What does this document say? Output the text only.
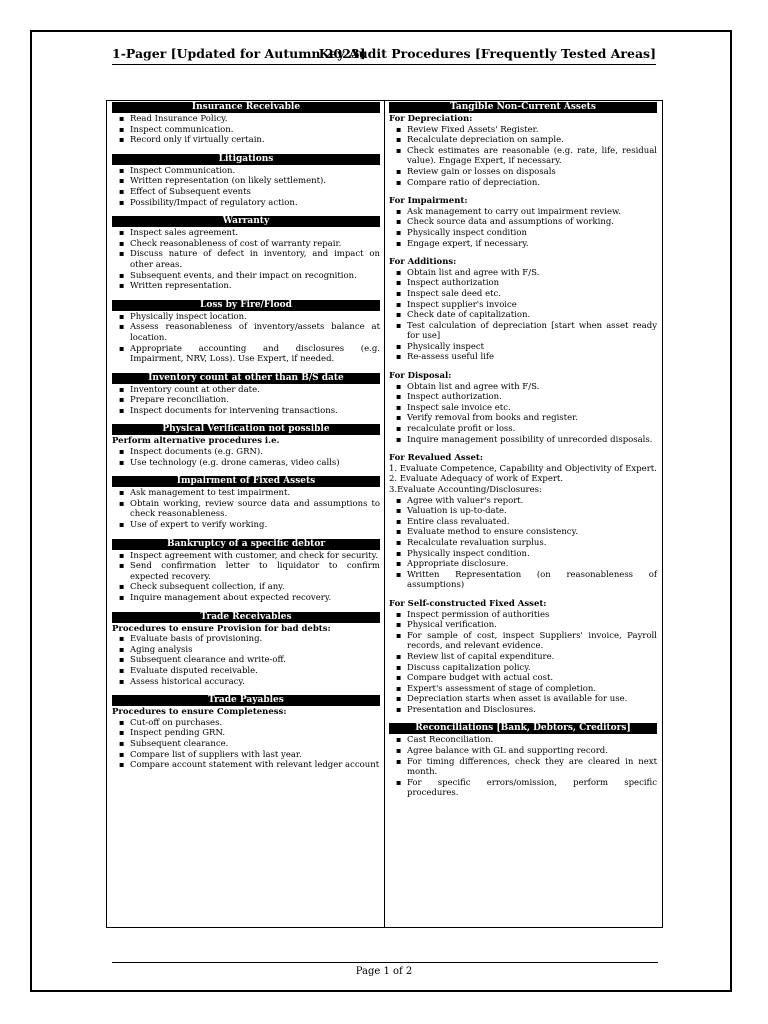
1-Pager [Updated for Autumn 2023]
Key Audit Procedures [Frequently Tested Areas]
Insurance Receivable
▪ Read Insurance Policy.
▪ Inspect communication.
▪ Record only if virtually certain.
Litigations
▪ Inspect Communication.
▪ Written representation (on likely settlement).
▪ Effect of Subsequent events
▪ Possibility/Impact of regulatory action.
Warranty
▪ Inspect sales agreement.
▪ Check reasonableness of cost of warranty repair.
▪ Discuss nature of defect in inventory, and impact on other areas.
▪ Subsequent events, and their impact on recognition.
▪ Written representation.
Loss by Fire/Flood
▪ Physically inspect location.
▪ Assess reasonableness of inventory/assets balance at location.
▪ Appropriate accounting and disclosures (e.g. Impairment, NRV, Loss). Use Expert, if needed.
Inventory count at other than B/S date
▪ Inventory count at other date.
▪ Prepare reconciliation.
▪ Inspect documents for intervening transactions.
Physical Verification not possible
Perform alternative procedures i.e.
▪ Inspect documents (e.g. GRN).
▪ Use technology (e.g. drone cameras, video calls)
Impairment of Fixed Assets
▪ Ask management to test impairment.
▪ Obtain working, review source data and assumptions to check reasonableness.
▪ Use of expert to verify working.
Bankruptcy of a specific debtor
▪ Inspect agreement with customer, and check for security.
▪ Send confirmation letter to liquidator to confirm expected recovery.
▪ Check subsequent collection, if any.
▪ Inquire management about expected recovery.
Trade Receivables
Procedures to ensure Provision for bad debts:
▪ Evaluate basis of provisioning.
▪ Aging analysis
▪ Subsequent clearance and write-off.
▪ Evaluate disputed receivable.
▪ Assess historical accuracy.
Trade Payables
Procedures to ensure Completeness:
▪ Cut-off on purchases.
▪ Inspect pending GRN.
▪ Subsequent clearance.
▪ Compare list of suppliers with last year.
▪ Compare account statement with relevant ledger account
Tangible Non-Current Assets
For Depreciation:
▪ Review Fixed Assets' Register.
▪ Recalculate depreciation on sample.
▪ Check estimates are reasonable (e.g. rate, life, residual value). Engage Expert, if necessary.
▪ Review gain or losses on disposals
▪ Compare ratio of depreciation.
For Impairment:
▪ Ask management to carry out impairment review.
▪ Check source data and assumptions of working.
▪ Physically inspect condition
▪ Engage expert, if necessary.
For Additions:
▪ Obtain list and agree with F/S.
▪ Inspect authorization
▪ Inspect sale deed etc.
▪ Inspect supplier's invoice
▪ Check date of capitalization.
▪ Test calculation of depreciation [start when asset ready for use]
▪ Physically inspect
▪ Re-assess useful life
For Disposal:
▪ Obtain list and agree with F/S.
▪ Inspect authorization.
▪ Inspect sale invoice etc.
▪ Verify removal from books and register.
▪ recalculate profit or loss.
▪ Inquire management possibility of unrecorded disposals.
For Revalued Asset:
1. Evaluate Competence, Capability and Objectivity of Expert.
2. Evaluate Adequacy of work of Expert.
3.Evaluate Accounting/Disclosures:
▪ Agree with valuer's report.
▪ Valuation is up-to-date.
▪ Entire class revaluated.
▪ Evaluate method to ensure consistency.
▪ Recalculate revaluation surplus.
▪ Physically inspect condition.
▪ Appropriate disclosure.
▪ Written Representation (on reasonableness of assumptions)
For Self-constructed Fixed Asset:
▪ Inspect permission of authorities
▪ Physical verification.
▪ For sample of cost, inspect Suppliers' invoice, Payroll records, and relevant evidence.
▪ Review list of capital expenditure.
▪ Discuss capitalization policy.
▪ Compare budget with actual cost.
▪ Expert's assessment of stage of completion.
▪ Depreciation starts when asset is available for use.
▪ Presentation and Disclosures.
Reconciliations [Bank, Debtors, Creditors]
▪ Cast Reconciliation.
▪ Agree balance with GL and supporting record.
▪ For timing differences, check they are cleared in next month.
▪ For specific errors/omission, perform specific procedures.
Page 1 of 2
